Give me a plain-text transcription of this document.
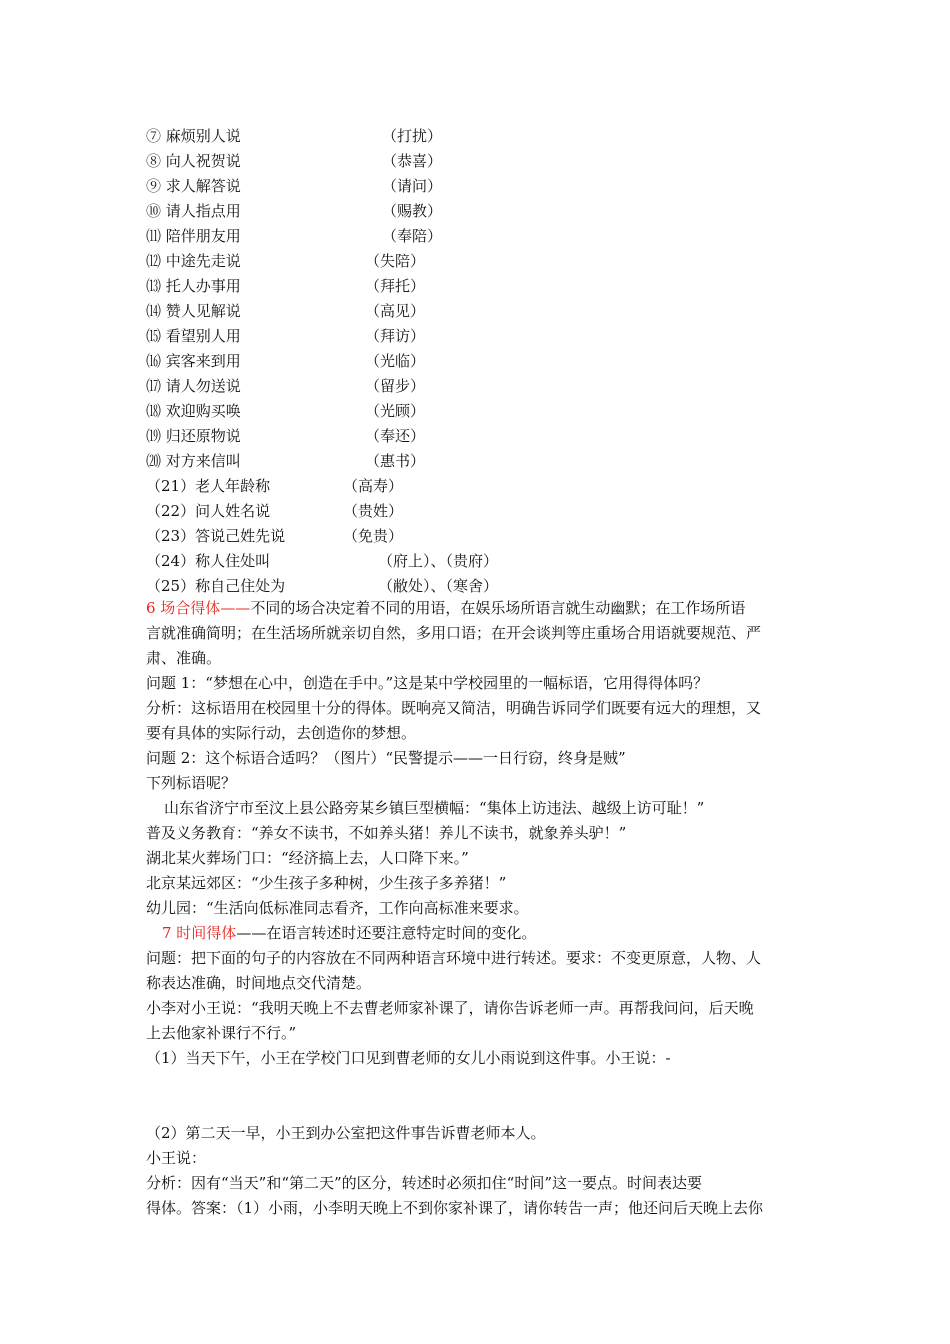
⑦ 麻烦别人说	（打扰）
⑧ 向人祝贺说	（恭喜）
⑨ 求人解答说	（请问）
⑩ 请人指点用	（赐教）
⑾ 陪伴朋友用	（奉陪）
⑿ 中途先走说	（失陪）
⒀ 托人办事用	（拜托）
⒁ 赞人见解说	（高见）
⒂ 看望别人用	（拜访）
⒃ 宾客来到用	（光临）
⒄ 请人勿送说	（留步）
⒅ 欢迎购买唤	（光顾）
⒆ 归还原物说	（奉还）
⒇ 对方来信叫	（惠书）
（21）老人年龄称	（高寿）
（22）问人姓名说	（贵姓）
（23）答说己姓先说	（免贵）
（24）称人住处叫	（府上）、（贵府）
（25）称自己住处为	（敝处）、（寒舍）
6 场合得体——不同的场合决定着不同的用语，在娱乐场所语言就生动幽默；在工作场所语
言就准确简明；在生活场所就亲切自然，多用口语；在开会谈判等庄重场合用语就要规范、严
肃、准确。
问题 1：“梦想在心中，创造在手中。”这是某中学校园里的一幅标语，它用得得体吗？
分析：这标语用在校园里十分的得体。既响亮又简洁，明确告诉同学们既要有远大的理想，又
要有具体的实际行动，去创造你的梦想。
问题 2：这个标语合适吗？（图片）“民警提示——一日行窃，终身是贼”
下列标语呢？
山东省济宁市至汶上县公路旁某乡镇巨型横幅：“集体上访违法、越级上访可耻！”
普及义务教育：“养女不读书，不如养头猪！养儿不读书，就象养头驴！”
湖北某火葬场门口：“经济搞上去，人口降下来。”
北京某远郊区：“少生孩子多种树，少生孩子多养猪！”
幼儿园：“生活向低标准同志看齐，工作向高标准来要求。
7 时间得体——在语言转述时还要注意特定时间的变化。
问题：把下面的句子的内容放在不同两种语言环境中进行转述。要求：不变更原意，人物、人
称表达准确，时间地点交代清楚。
小李对小王说：“我明天晚上不去曹老师家补课了，请你告诉老师一声。再帮我问问，后天晚
上去他家补课行不行。”
（1）当天下午，小王在学校门口见到曹老师的女儿小雨说到这件事。小王说：-
（2）第二天一早，小王到办公室把这件事告诉曹老师本人。
小王说：
分析：因有“当天”和“第二天”的区分，转述时必须扣住“时间”这一要点。时间表达要
得体。答案：（1）小雨，小李明天晚上不到你家补课了，请你转告一声；他还问后天晚上去你
